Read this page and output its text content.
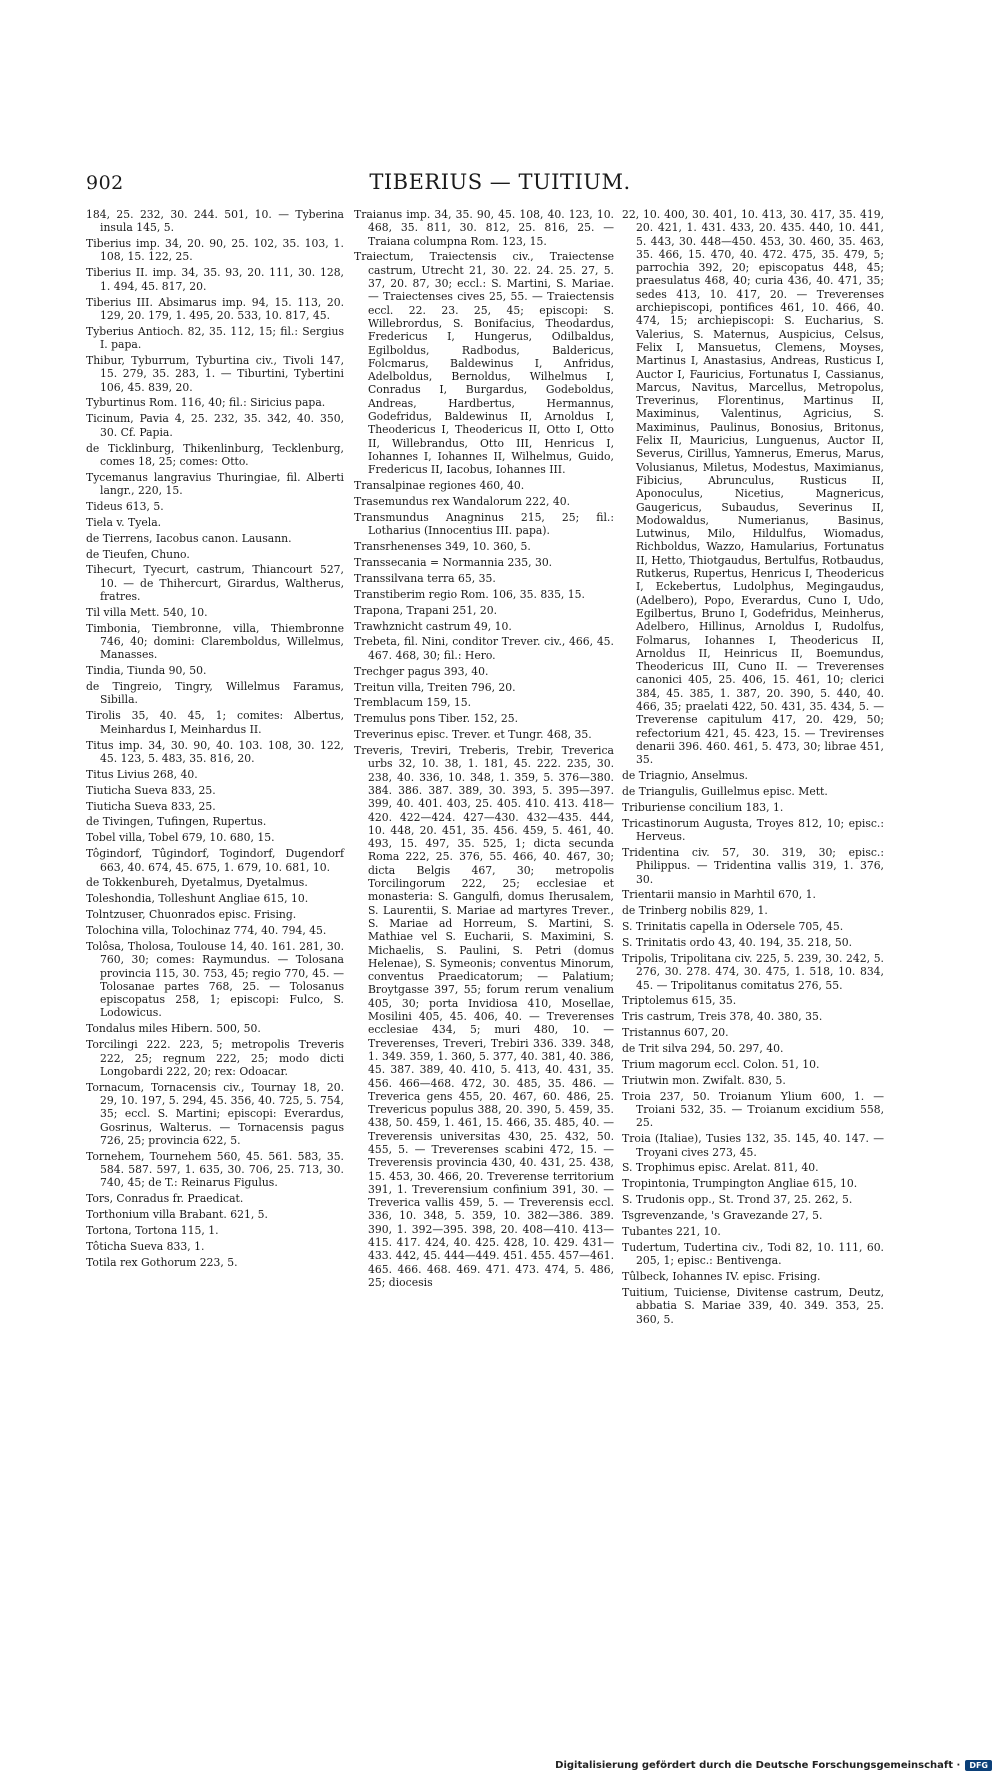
902	TIBERIUS — TUITIUM.

184, 25. 232, 30. 244. 501, 10. — Tyberina insula 145, 5.

Tiberius imp. 34, 20. 90, 25. 102, 35. 103, 1. 108, 15. 122, 25.

Tiberius II. imp. 34, 35. 93, 20. 111, 30. 128, 1. 494, 45. 817, 20.

Tiberius III. Absimarus imp. 94, 15. 113, 20. 129, 20. 179, 1. 495, 20. 533, 10. 817, 45.

Tyberius Antioch. 82, 35. 112, 15; fil.: Sergius I. papa.

Thibur, Tyburrum, Tyburtina civ., Tivoli 147, 15. 279, 35. 283, 1. — Tiburtini, Tybertini 106, 45. 839, 20.

Tyburtinus Rom. 116, 40; fil.: Siricius papa.

Ticinum, Pavia 4, 25. 232, 35. 342, 40. 350, 30. Cf. Papia.

de Ticklinburg, Thikenlinburg, Tecklenburg, comes 18, 25; comes: Otto.

Tycemanus langravius Thuringiae, fil. Alberti langr., 220, 15.

Tideus 613, 5.

Tiela v. Tyela.

de Tierrens, Iacobus canon. Lausann.

de Tieufen, Chuno.

Tihecurt, Tyecurt, castrum, Thiancourt 527, 10. — de Thihercurt, Girardus, Waltherus, fratres.

Til villa Mett. 540, 10.

Timbonia, Tiembronne, villa, Thiembronne 746, 40; domini: Claremboldus, Willelmus, Manasses.

Tindia, Tiunda 90, 50.

de Tingreio, Tingry, Willelmus Faramus, Sibilla.

Tirolis 35, 40. 45, 1; comites: Albertus, Meinhardus I, Meinhardus II.

Titus imp. 34, 30. 90, 40. 103. 108, 30. 122, 45. 123, 5. 483, 35. 816, 20.

Titus Livius 268, 40.

Tiuticha Sueva 833, 25.

Tiuticha Sueva 833, 25.

de Tivingen, Tufingen, Rupertus.

Tobel villa, Tobel 679, 10. 680, 15.

Tôgindorf, Tûgindorf, Togindorf, Dugendorf 663, 40. 674, 45. 675, 1. 679, 10. 681, 10.

de Tokkenbureh, Dyetalmus, Dyetalmus.

Toleshondia, Tolleshunt Angliae 615, 10.

Tolntzuser, Chuonrados episc. Frising.

Tolochina villa, Tolochinaz 774, 40. 794, 45.

Tolôsa, Tholosa, Toulouse 14, 40. 161. 281, 30. 760, 30; comes: Raymundus. — Tolosana provincia 115, 30. 753, 45; regio 770, 45. — Tolosanae partes 768, 25. — Tolosanus episcopatus 258, 1; episcopi: Fulco, S. Lodowicus.

Tondalus miles Hibern. 500, 50.

Torcilingi 222. 223, 5; metropolis Treveris 222, 25; regnum 222, 25; modo dicti Longobardi 222, 20; rex: Odoacar.

Tornacum, Tornacensis civ., Tournay 18, 20. 29, 10. 197, 5. 294, 45. 356, 40. 725, 5. 754, 35; eccl. S. Martini; episcopi: Everardus, Gosrinus, Walterus. — Tornacensis pagus 726, 25; provincia 622, 5.

Tornehem, Tournehem 560, 45. 561. 583, 35. 584. 587. 597, 1. 635, 30. 706, 25. 713, 30. 740, 45; de T.: Reinarus Figulus.

Tors, Conradus fr. Praedicat.

Torthonium villa Brabant. 621, 5.

Tortona, Tortona 115, 1.

Tôticha Sueva 833, 1.

Totila rex Gothorum 223, 5.

Traianus imp. 34, 35. 90, 45. 108, 40. 123, 10. 468, 35. 811, 30. 812, 25. 816, 25. — Traiana columpna Rom. 123, 15.

Traiectum, Traiectensis civ., Traiectense castrum, Utrecht 21, 30. 22. 24. 25. 27, 5. 37, 20. 87, 30; eccl.: S. Martini, S. Mariae. — Traiectenses cives 25, 55. — Traiectensis eccl. 22. 23. 25, 45; episcopi: S. Willebrordus, S. Bonifacius, Theodardus, Fredericus I, Hungerus, Odilbaldus, Egilboldus, Radbodus, Baldericus, Folcmarus, Baldewinus I, Anfridus, Adelboldus, Bernoldus, Wilhelmus I, Conradus I, Burgardus, Godeboldus, Andreas, Hardbertus, Hermannus, Godefridus, Baldewinus II, Arnoldus I, Theodericus I, Theodericus II, Otto I, Otto II, Willebrandus, Otto III, Henricus I, Iohannes I, Iohannes II, Wilhelmus, Guido, Fredericus II, Iacobus, Iohannes III.

Transalpinae regiones 460, 40.

Trasemundus rex Wandalorum 222, 40.

Transmundus Anagninus 215, 25; fil.: Lotharius (Innocentius III. papa).

Transrhenenses 349, 10. 360, 5.

Transsecania = Normannia 235, 30.

Transsilvana terra 65, 35.

Transtiberim regio Rom. 106, 35. 835, 15.

Trapona, Trapani 251, 20.

Trawhznicht castrum 49, 10.

Trebeta, fil. Nini, conditor Trever. civ., 466, 45. 467. 468, 30; fil.: Hero.

Trechger pagus 393, 40.

Treitun villa, Treiten 796, 20.

Tremblacum 159, 15.

Tremulus pons Tiber. 152, 25.

Treverinus episc. Trever. et Tungr. 468, 35.

Treveris, Treviri, Treberis, Trebir, Treverica urbs 32, 10. 38, 1. 181, 45. 222. 235, 30. 238, 40. 336, 10. 348, 1. 359, 5. 376—380. 384. 386. 387. 389, 30. 393, 5. 395—397. 399, 40. 401. 403, 25. 405. 410. 413. 418—420. 422—424. 427—430. 432—435. 444, 10. 448, 20. 451, 35. 456. 459, 5. 461, 40. 493, 15. 497, 35. 525, 1; dicta secunda Roma 222, 25. 376, 55. 466, 40. 467, 30; dicta Belgis 467, 30; metropolis Torcilingorum 222, 25; ecclesiae et monasteria: S. Gangulfi, domus Iherusalem, S. Laurentii, S. Mariae ad martyres Trever., S. Mariae ad Horreum, S. Martini, S. Mathiae vel S. Eucharii, S. Maximini, S. Michaelis, S. Paulini, S. Petri (domus Helenae), S. Symeonis; conventus Minorum, conventus Praedicatorum; — Palatium; Broytgasse 397, 55; forum rerum venalium 405, 30; porta Invidiosa 410, Mosellae, Mosilini 405, 45. 406, 40. — Treverenses ecclesiae 434, 5; muri 480, 10. — Treverenses, Treveri, Trebiri 336. 339. 348, 1. 349. 359, 1. 360, 5. 377, 40. 381, 40. 386, 45. 387. 389, 40. 410, 5. 413, 40. 431, 35. 456. 466—468. 472, 30. 485, 35. 486. — Treverica gens 455, 20. 467, 60. 486, 25. Trevericus populus 388, 20. 390, 5. 459, 35. 438, 50. 459, 1. 461, 15. 466, 35. 485, 40. — Treverensis universitas 430, 25. 432, 50. 455, 5. — Treverenses scabini 472, 15. — Treverensis provincia 430, 40. 431, 25. 438, 15. 453, 30. 466, 20. Treverense territorium 391, 1. Treverensium confinium 391, 30. — Treverica vallis 459, 5. — Treverensis eccl. 336, 10. 348, 5. 359, 10. 382—386. 389. 390, 1. 392—395. 398, 20. 408—410. 413—415. 417. 424, 40. 425. 428, 10. 429. 431—433. 442, 45. 444—449. 451. 455. 457—461. 465. 466. 468. 469. 471. 473. 474, 5. 486, 25; diocesis

22, 10. 400, 30. 401, 10. 413, 30. 417, 35. 419, 20. 421, 1. 431. 433, 20. 435. 440, 10. 441, 5. 443, 30. 448—450. 453, 30. 460, 35. 463, 35. 466, 15. 470, 40. 472. 475, 35. 479, 5; parrochia 392, 20; episcopatus 448, 45; praesulatus 468, 40; curia 436, 40. 471, 35; sedes 413, 10. 417, 20. — Treverenses archiepiscopi, pontifices 461, 10. 466, 40. 474, 15; archiepiscopi: S. Eucharius, S. Valerius, S. Maternus, Auspicius, Celsus, Felix I, Mansuetus, Clemens, Moyses, Martinus I, Anastasius, Andreas, Rusticus I, Auctor I, Fauricius, Fortunatus I, Cassianus, Marcus, Navitus, Marcellus, Metropolus, Treverinus, Florentinus, Martinus II, Maximinus, Valentinus, Agricius, S. Maximinus, Paulinus, Bonosius, Britonus, Felix II, Mauricius, Lunguenus, Auctor II, Severus, Cirillus, Yamnerus, Emerus, Marus, Volusianus, Miletus, Modestus, Maximianus, Fibicius, Abrunculus, Rusticus II, Aponoculus, Nicetius, Magnericus, Gaugericus, Subaudus, Severinus II, Modowaldus, Numerianus, Basinus, Lutwinus, Milo, Hildulfus, Wiomadus, Richboldus, Wazzo, Hamularius, Fortunatus II, Hetto, Thiotgaudus, Bertulfus, Rotbaudus, Rutkerus, Rupertus, Henricus I, Theodericus I, Eckebertus, Ludolphus, Megingaudus, (Adelbero), Popo, Everardus, Cuno I, Udo, Egilbertus, Bruno I, Godefridus, Meinherus, Adelbero, Hillinus, Arnoldus I, Rudolfus, Folmarus, Iohannes I, Theodericus II, Arnoldus II, Heinricus II, Boemundus, Theodericus III, Cuno II. — Treverenses canonici 405, 25. 406, 15. 461, 10; clerici 384, 45. 385, 1. 387, 20. 390, 5. 440, 40. 466, 35; praelati 422, 50. 431, 35. 434, 5. — Treverense capitulum 417, 20. 429, 50; refectorium 421, 45. 423, 15. — Trevirenses denarii 396. 460. 461, 5. 473, 30; librae 451, 35.

de Triagnio, Anselmus.

de Triangulis, Guillelmus episc. Mett.

Triburiense concilium 183, 1.

Tricastinorum Augusta, Troyes 812, 10; episc.: Herveus.

Tridentina civ. 57, 30. 319, 30; episc.: Philippus. — Tridentina vallis 319, 1. 376, 30.

Trientarii mansio in Marhtil 670, 1.

de Trinberg nobilis 829, 1.

S. Trinitatis capella in Odersele 705, 45.

S. Trinitatis ordo 43, 40. 194, 35. 218, 50.

Tripolis, Tripolitana civ. 225, 5. 239, 30. 242, 5. 276, 30. 278. 474, 30. 475, 1. 518, 10. 834, 45. — Tripolitanus comitatus 276, 55.

Triptolemus 615, 35.

Tris castrum, Treis 378, 40. 380, 35.

Tristannus 607, 20.

de Trit silva 294, 50. 297, 40.

Trium magorum eccl. Colon. 51, 10.

Triutwin mon. Zwifalt. 830, 5.

Troia 237, 50. Troianum Ylium 600, 1. — Troiani 532, 35. — Troianum excidium 558, 25.

Troia (Italiae), Tusies 132, 35. 145, 40. 147. — Troyani cives 273, 45.

S. Trophimus episc. Arelat. 811, 40.

Tropintonia, Trumpington Angliae 615, 10.

S. Trudonis opp., St. Trond 37, 25. 262, 5.

Tsgrevenzande, 's Gravezande 27, 5.

Tubantes 221, 10.

Tudertum, Tudertina civ., Todi 82, 10. 111, 60. 205, 1; episc.: Bentivenga.

Tûlbeck, Iohannes IV. episc. Frising.

Tuitium, Tuiciense, Divitense castrum, Deutz, abbatia S. Mariae 339, 40. 349. 353, 25. 360, 5.

Digitalisierung gefördert durch die Deutsche Forschungsgemeinschaft ·	DFG
